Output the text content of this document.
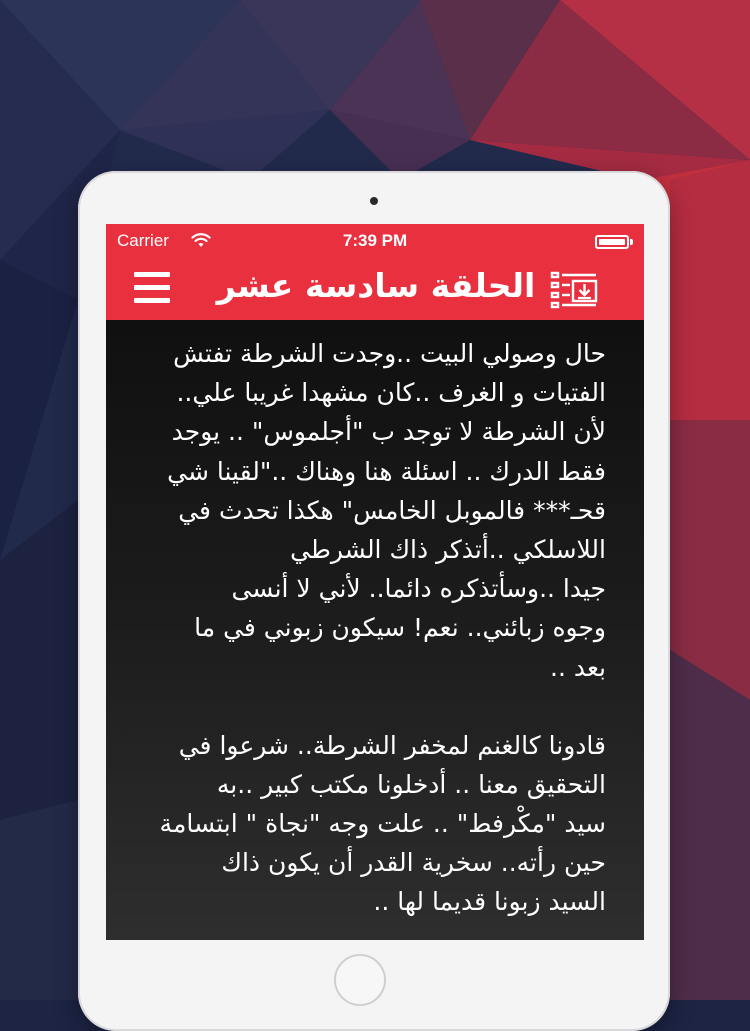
Carrier	7:39 PM
الحلقة سادسة عشر
حال وصولي البيت ..وجدت الشرطة تفتش
الفتيات و الغرف ..كان مشهدا غريبا علي..
لأن الشرطة لا توجد ب "أجلموس" .. يوجد
فقط الدرك .. اسئلة هنا وهناك .."لقينا شي
قحـ*** فالموبل الخامس" هكذا تحدث في
اللاسلكي ..أتذكر ذاك الشرطي
جيدا ..وسأتذكره دائما.. لأني لا أنسى
وجوه زبائني.. نعم! سيكون زبوني في ما
بعد ..
قادونا كالغنم لمخفر الشرطة.. شرعوا في
التحقيق معنا .. أدخلونا مكتب كبير ..به
سيد "مكْرفط" .. علت وجه "نجاة " ابتسامة
حين رأته.. سخرية القدر أن يكون ذاك
السيد زبونا قديما لها ..
